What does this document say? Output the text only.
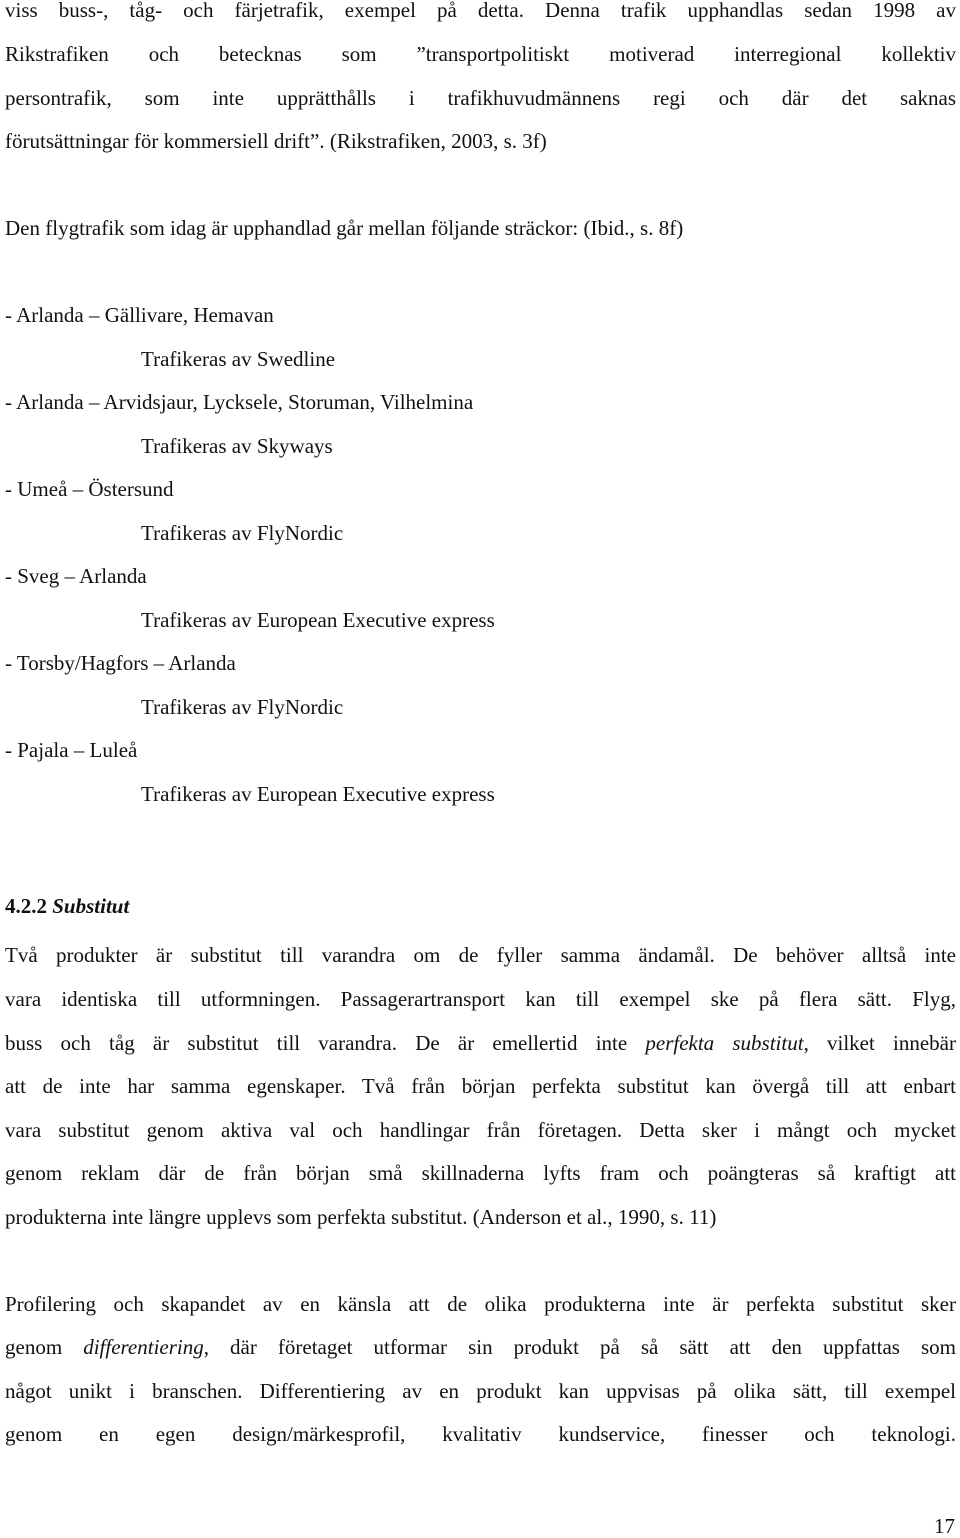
viss buss-, tåg- och färjetrafik, exempel på detta. Denna trafik upphandlas sedan 1998 av
Rikstrafiken och betecknas som ”transportpolitiskt motiverad interregional kollektiv
persontrafik, som inte upprätthålls i trafikhuvudmännens regi och där det saknas
förutsättningar för kommersiell drift”. (Rikstrafiken, 2003, s. 3f)
Den flygtrafik som idag är upphandlad går mellan följande sträckor: (Ibid., s. 8f)
- Arlanda – Gällivare, Hemavan
Trafikeras av Swedline
- Arlanda – Arvidsjaur, Lycksele, Storuman, Vilhelmina
Trafikeras av Skyways
- Umeå – Östersund
Trafikeras av FlyNordic
- Sveg – Arlanda
Trafikeras av European Executive express
- Torsby/Hagfors – Arlanda
Trafikeras av FlyNordic
- Pajala – Luleå
Trafikeras av European Executive express
4.2.2 Substitut
Två produkter är substitut till varandra om de fyller samma ändamål. De behöver alltså inte
vara identiska till utformningen. Passagerartransport kan till exempel ske på flera sätt. Flyg,
buss och tåg är substitut till varandra. De är emellertid inte perfekta substitut, vilket innebär
att de inte har samma egenskaper. Två från början perfekta substitut kan övergå till att enbart
vara substitut genom aktiva val och handlingar från företagen. Detta sker i mångt och mycket
genom reklam där de från början små skillnaderna lyfts fram och poängteras så kraftigt att
produkterna inte längre upplevs som perfekta substitut. (Anderson et al., 1990, s. 11)
Profilering och skapandet av en känsla att de olika produkterna inte är perfekta substitut sker
genom differentiering, där företaget utformar sin produkt på så sätt att den uppfattas som
något unikt i branschen. Differentiering av en produkt kan uppvisas på olika sätt, till exempel
genom en egen design/märkesprofil, kvalitativ kundservice, finesser och teknologi.
17
